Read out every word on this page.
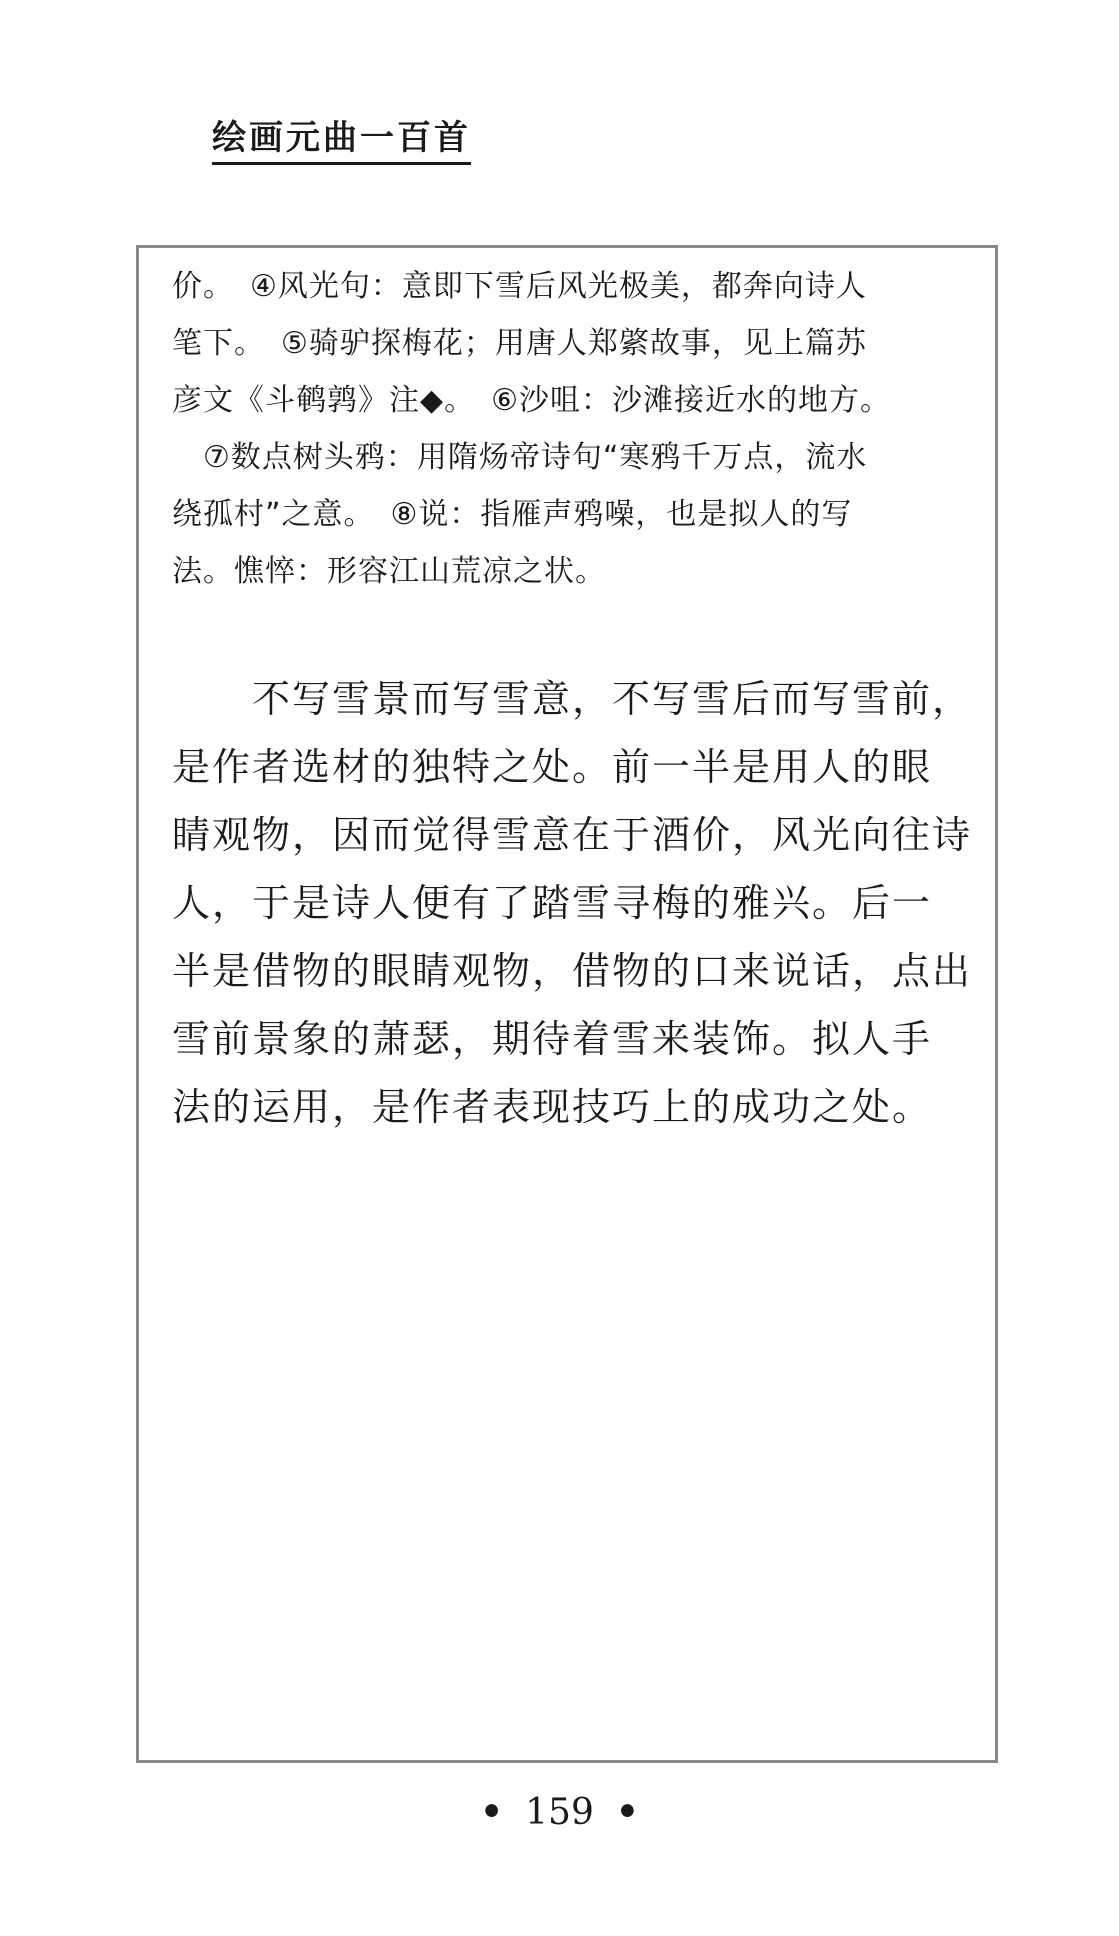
绘画元曲一百首
价。　④风光句：意即下雪后风光极美，都奔向诗人
笔下。　⑤骑驴探梅花；用唐人郑綮故事，见上篇苏
彦文《斗鹌鹑》注◆。　⑥沙咀：沙滩接近水的地方。
　⑦数点树头鸦：用隋炀帝诗句“寒鸦千万点，流水
绕孤村”之意。　⑧说：指雁声鸦噪，也是拟人的写
法。憔悴：形容江山荒凉之状。
　　不写雪景而写雪意，不写雪后而写雪前，
是作者选材的独特之处。前一半是用人的眼
睛观物，因而觉得雪意在于酒价，风光向往诗
人，于是诗人便有了踏雪寻梅的雅兴。后一
半是借物的眼睛观物，借物的口来说话，点出
雪前景象的萧瑟，期待着雪来装饰。拟人手
法的运用，是作者表现技巧上的成功之处。
• 159 •
